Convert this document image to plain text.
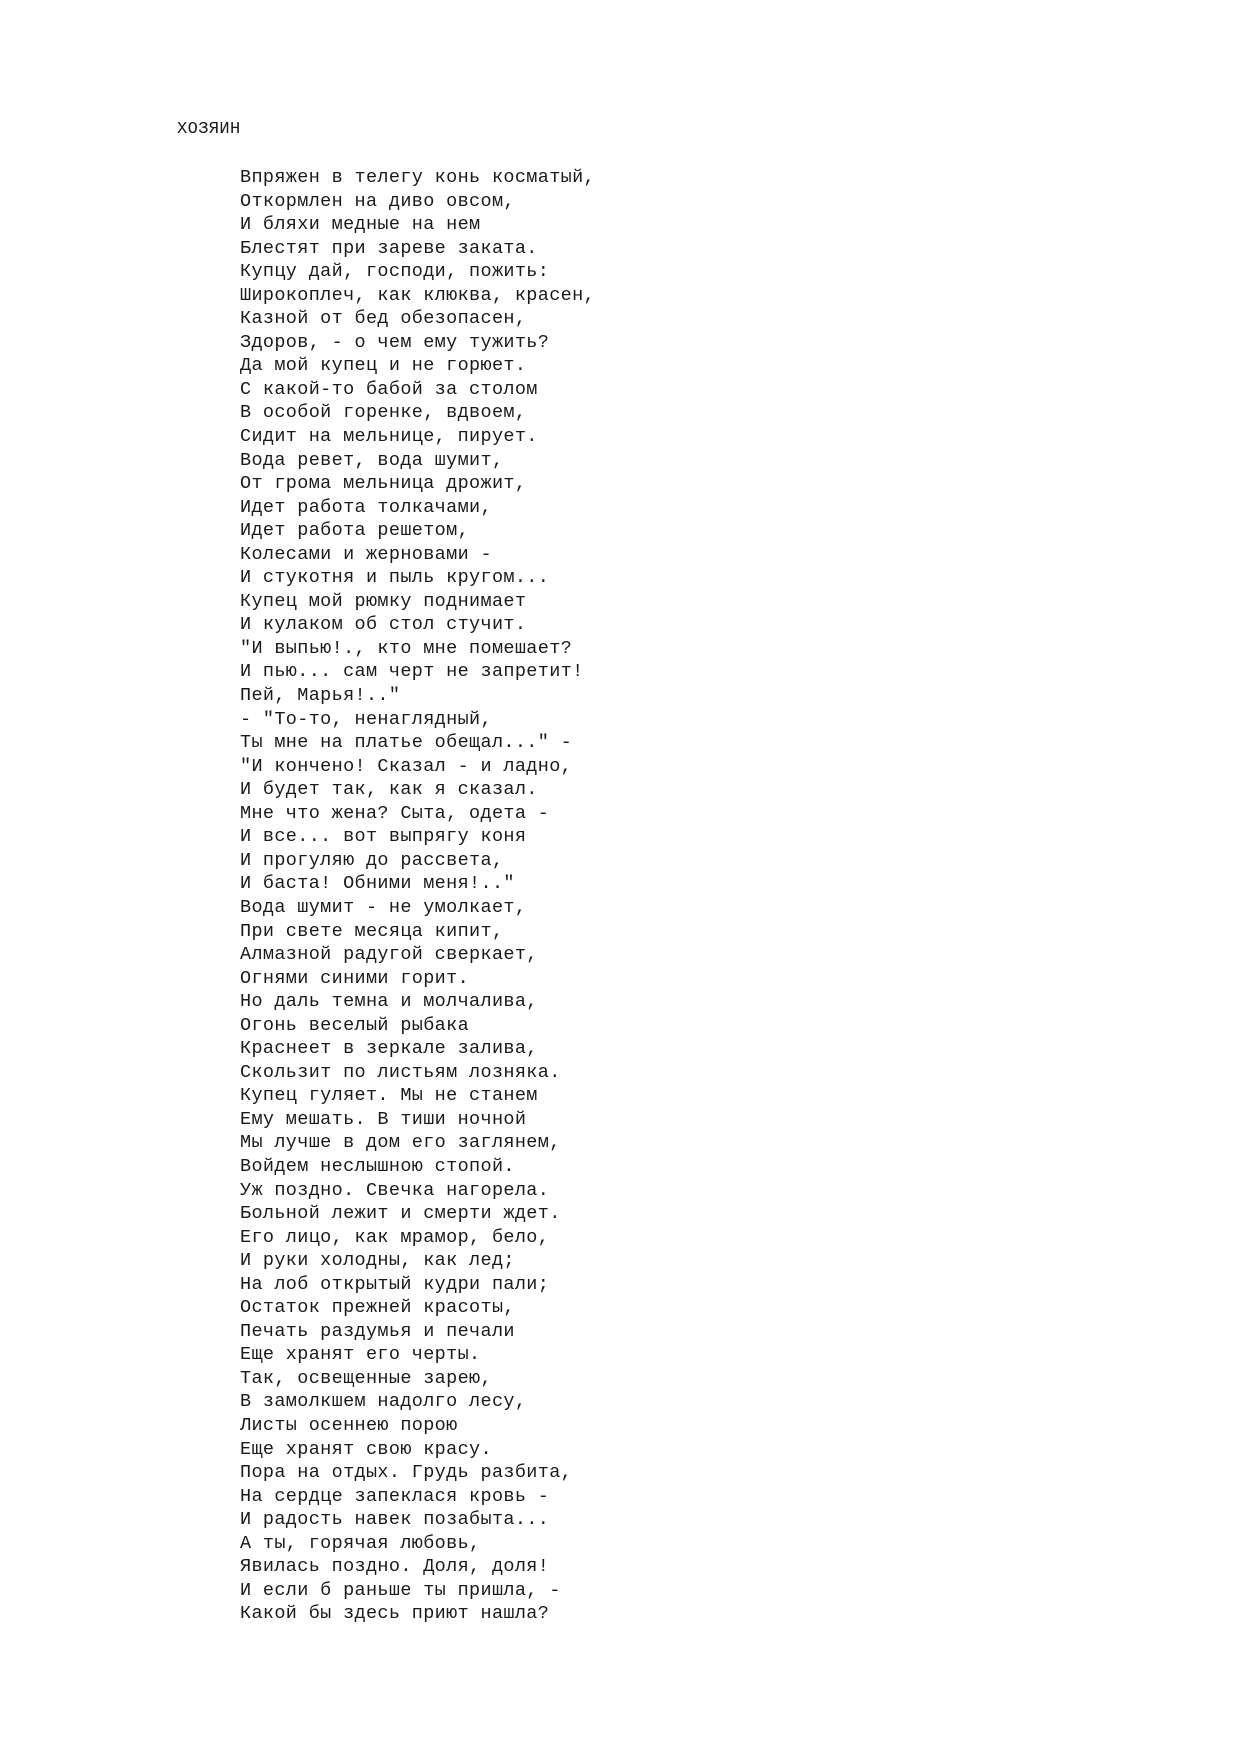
ХОЗЯИН
Впряжен в телегу конь косматый,
Откормлен на диво овсом,
И бляхи медные на нем
Блестят при зареве заката.
Купцу дай, господи, пожить:
Широкоплеч, как клюква, красен,
Казной от бед обезопасен,
Здоров, - о чем ему тужить?
Да мой купец и не горюет.
С какой-то бабой за столом
В особой горенке, вдвоем,
Сидит на мельнице, пирует.
Вода ревет, вода шумит,
От грома мельница дрожит,
Идет работа толкачами,
Идет работа решетом,
Колесами и жерновами -
И стукотня и пыль кругом...
Купец мой рюмку поднимает
И кулаком об стол стучит.
"И выпью!., кто мне помешает?
И пью... сам черт не запретит!
Пей, Марья!.."
- "То-то, ненаглядный,
Ты мне на платье обещал..." -
"И кончено! Сказал - и ладно,
И будет так, как я сказал.
Мне что жена? Сыта, одета -
И все... вот выпрягу коня
И прогуляю до рассвета,
И баста! Обними меня!.."
Вода шумит - не умолкает,
При свете месяца кипит,
Алмазной радугой сверкает,
Огнями синими горит.
Но даль темна и молчалива,
Огонь веселый рыбака
Краснеет в зеркале залива,
Скользит по листьям лозняка.
Купец гуляет. Мы не станем
Ему мешать. В тиши ночной
Мы лучше в дом его заглянем,
Войдем неслышною стопой.
Уж поздно. Свечка нагорела.
Больной лежит и смерти ждет.
Его лицо, как мрамор, бело,
И руки холодны, как лед;
На лоб открытый кудри пали;
Остаток прежней красоты,
Печать раздумья и печали
Еще хранят его черты.
Так, освещенные зарею,
В замолкшем надолго лесу,
Листы осеннею порою
Еще хранят свою красу.
Пора на отдых. Грудь разбита,
На сердце запеклася кровь -
И радость навек позабыта...
А ты, горячая любовь,
Явилась поздно. Доля, доля!
И если б раньше ты пришла, -
Какой бы здесь приют нашла?
